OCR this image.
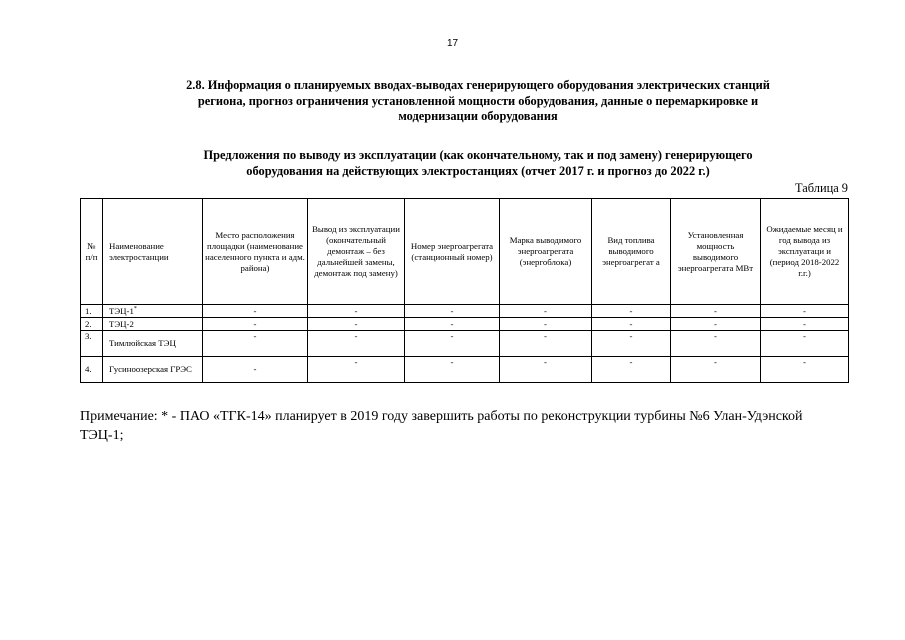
17
2.8. Информация о планируемых вводах-выводах генерирующего оборудования электрических станций
региона, прогноз ограничения установленной мощности оборудования, данные о перемаркировке и
модернизации оборудования
Предложения по выводу из эксплуатации (как окончательному, так и под замену) генерирующего
оборудования на действующих электростанциях (отчет 2017 г. и прогноз до 2022 г.)
Таблица 9
№ п/п	Наименование электростанции	Место расположения площадки (наименование населенного пункта и адм. района)	Вывод из эксплуатации (окончательный демонтаж – без дальнейшей замены, демонтаж под замену)	Номер энергоагрегата (станционный номер)	Марка выводимого энергоагрегата (энергоблока)	Вид топлива выводимого энергоагрегат а	Установленная мощность выводимого энергоагрегата МВт	Ожидаемые месяц и год вывода из эксплуатаци и (период 2018-2022 г.г.)
1.	ТЭЦ-1*	-	-	-	-	-	-	-
2.	ТЭЦ-2	-	-	-	-	-	-	-
3.	Тимлюйская ТЭЦ	-	-	-	-	-	-	-
4.	Гусиноозерская ГРЭС	-	-	-	-	-	-	-
Примечание: * - ПАО «ТГК-14» планирует в 2019 году завершить работы по реконструкции турбины №6 Улан-Удэнской ТЭЦ-1;
